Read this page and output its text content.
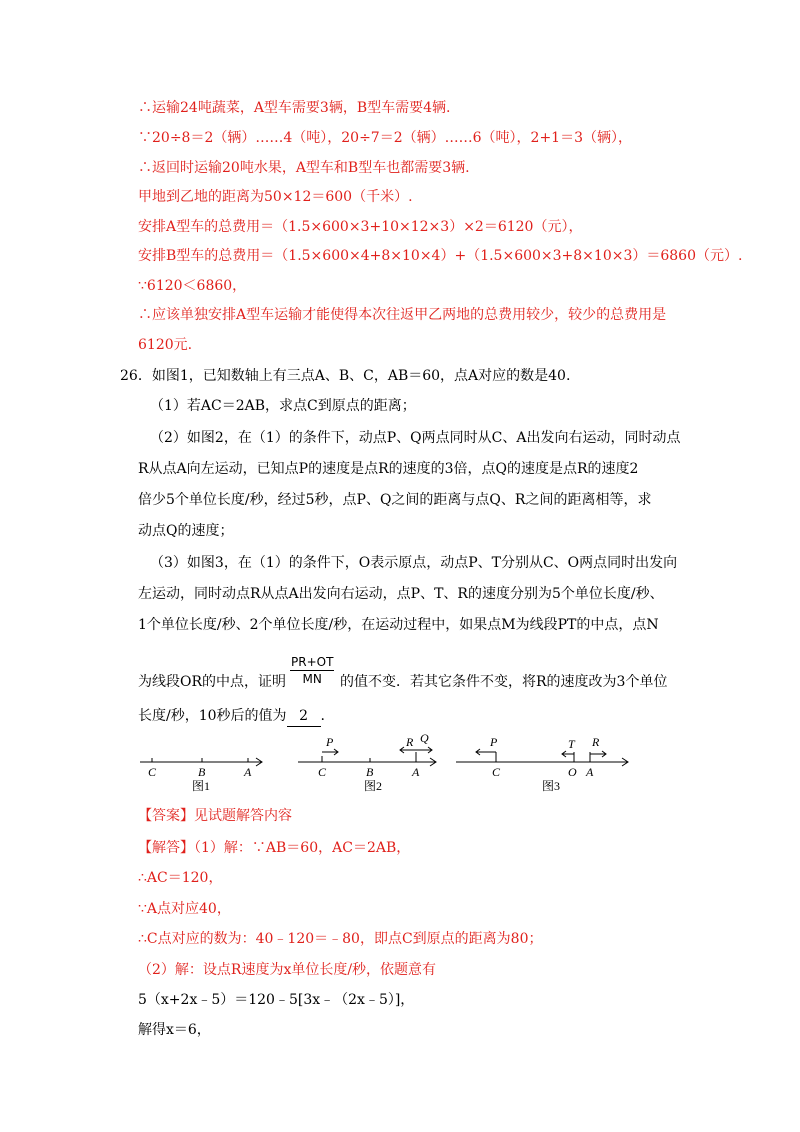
∴运输24吨蔬菜，A型车需要3辆，B型车需要4辆.
∵20÷8＝2（辆）……4（吨），20÷7＝2（辆）……6（吨），2+1＝3（辆），
∴返回时运输20吨水果，A型车和B型车也都需要3辆.
甲地到乙地的距离为50×12＝600（千米）.
安排A型车的总费用＝（1.5×600×3+10×12×3）×2＝6120（元），
安排B型车的总费用＝（1.5×600×4+8×10×4）+（1.5×600×3+8×10×3）＝6860（元）.
∵6120＜6860，
∴应该单独安排A型车运输才能使得本次往返甲乙两地的总费用较少，较少的总费用是
6120元.
26．如图1，已知数轴上有三点A、B、C，AB＝60，点A对应的数是40.
（1）若AC＝2AB，求点C到原点的距离；
（2）如图2，在（1）的条件下，动点P、Q两点同时从C、A出发向右运动，同时动点
R从点A向左运动，已知点P的速度是点R的速度的3倍，点Q的速度是点R的速度2
倍少5个单位长度/秒，经过5秒，点P、Q之间的距离与点Q、R之间的距离相等，求
动点Q的速度；
（3）如图3，在（1）的条件下，O表示原点，动点P、T分别从C、O两点同时出发向
左运动，同时动点R从点A出发向右运动，点P、T、R的速度分别为5个单位长度/秒、
1个单位长度/秒、2个单位长度/秒，在运动过程中，如果点M为线段PT的中点，点N
为线段OR的中点，证明 $\frac{PR+OT}{MN}$ 的值不变．若其它条件不变，将R的速度改为3个单位
长度/秒，10秒后的值为 2 .
C	B	A
图1
C	B	A
P	R Q
图2
C	O A
P	T R
图3
【答案】见试题解答内容
【解答】（1）解：∵AB＝60，AC＝2AB，
∴AC＝120，
∵A点对应40，
∴C点对应的数为：40﹣120＝﹣80，即点C到原点的距离为80；
（2）解：设点R速度为x单位长度/秒，依题意有
5（x+2x﹣5）＝120﹣5[3x﹣（2x﹣5）]，
解得x＝6，
